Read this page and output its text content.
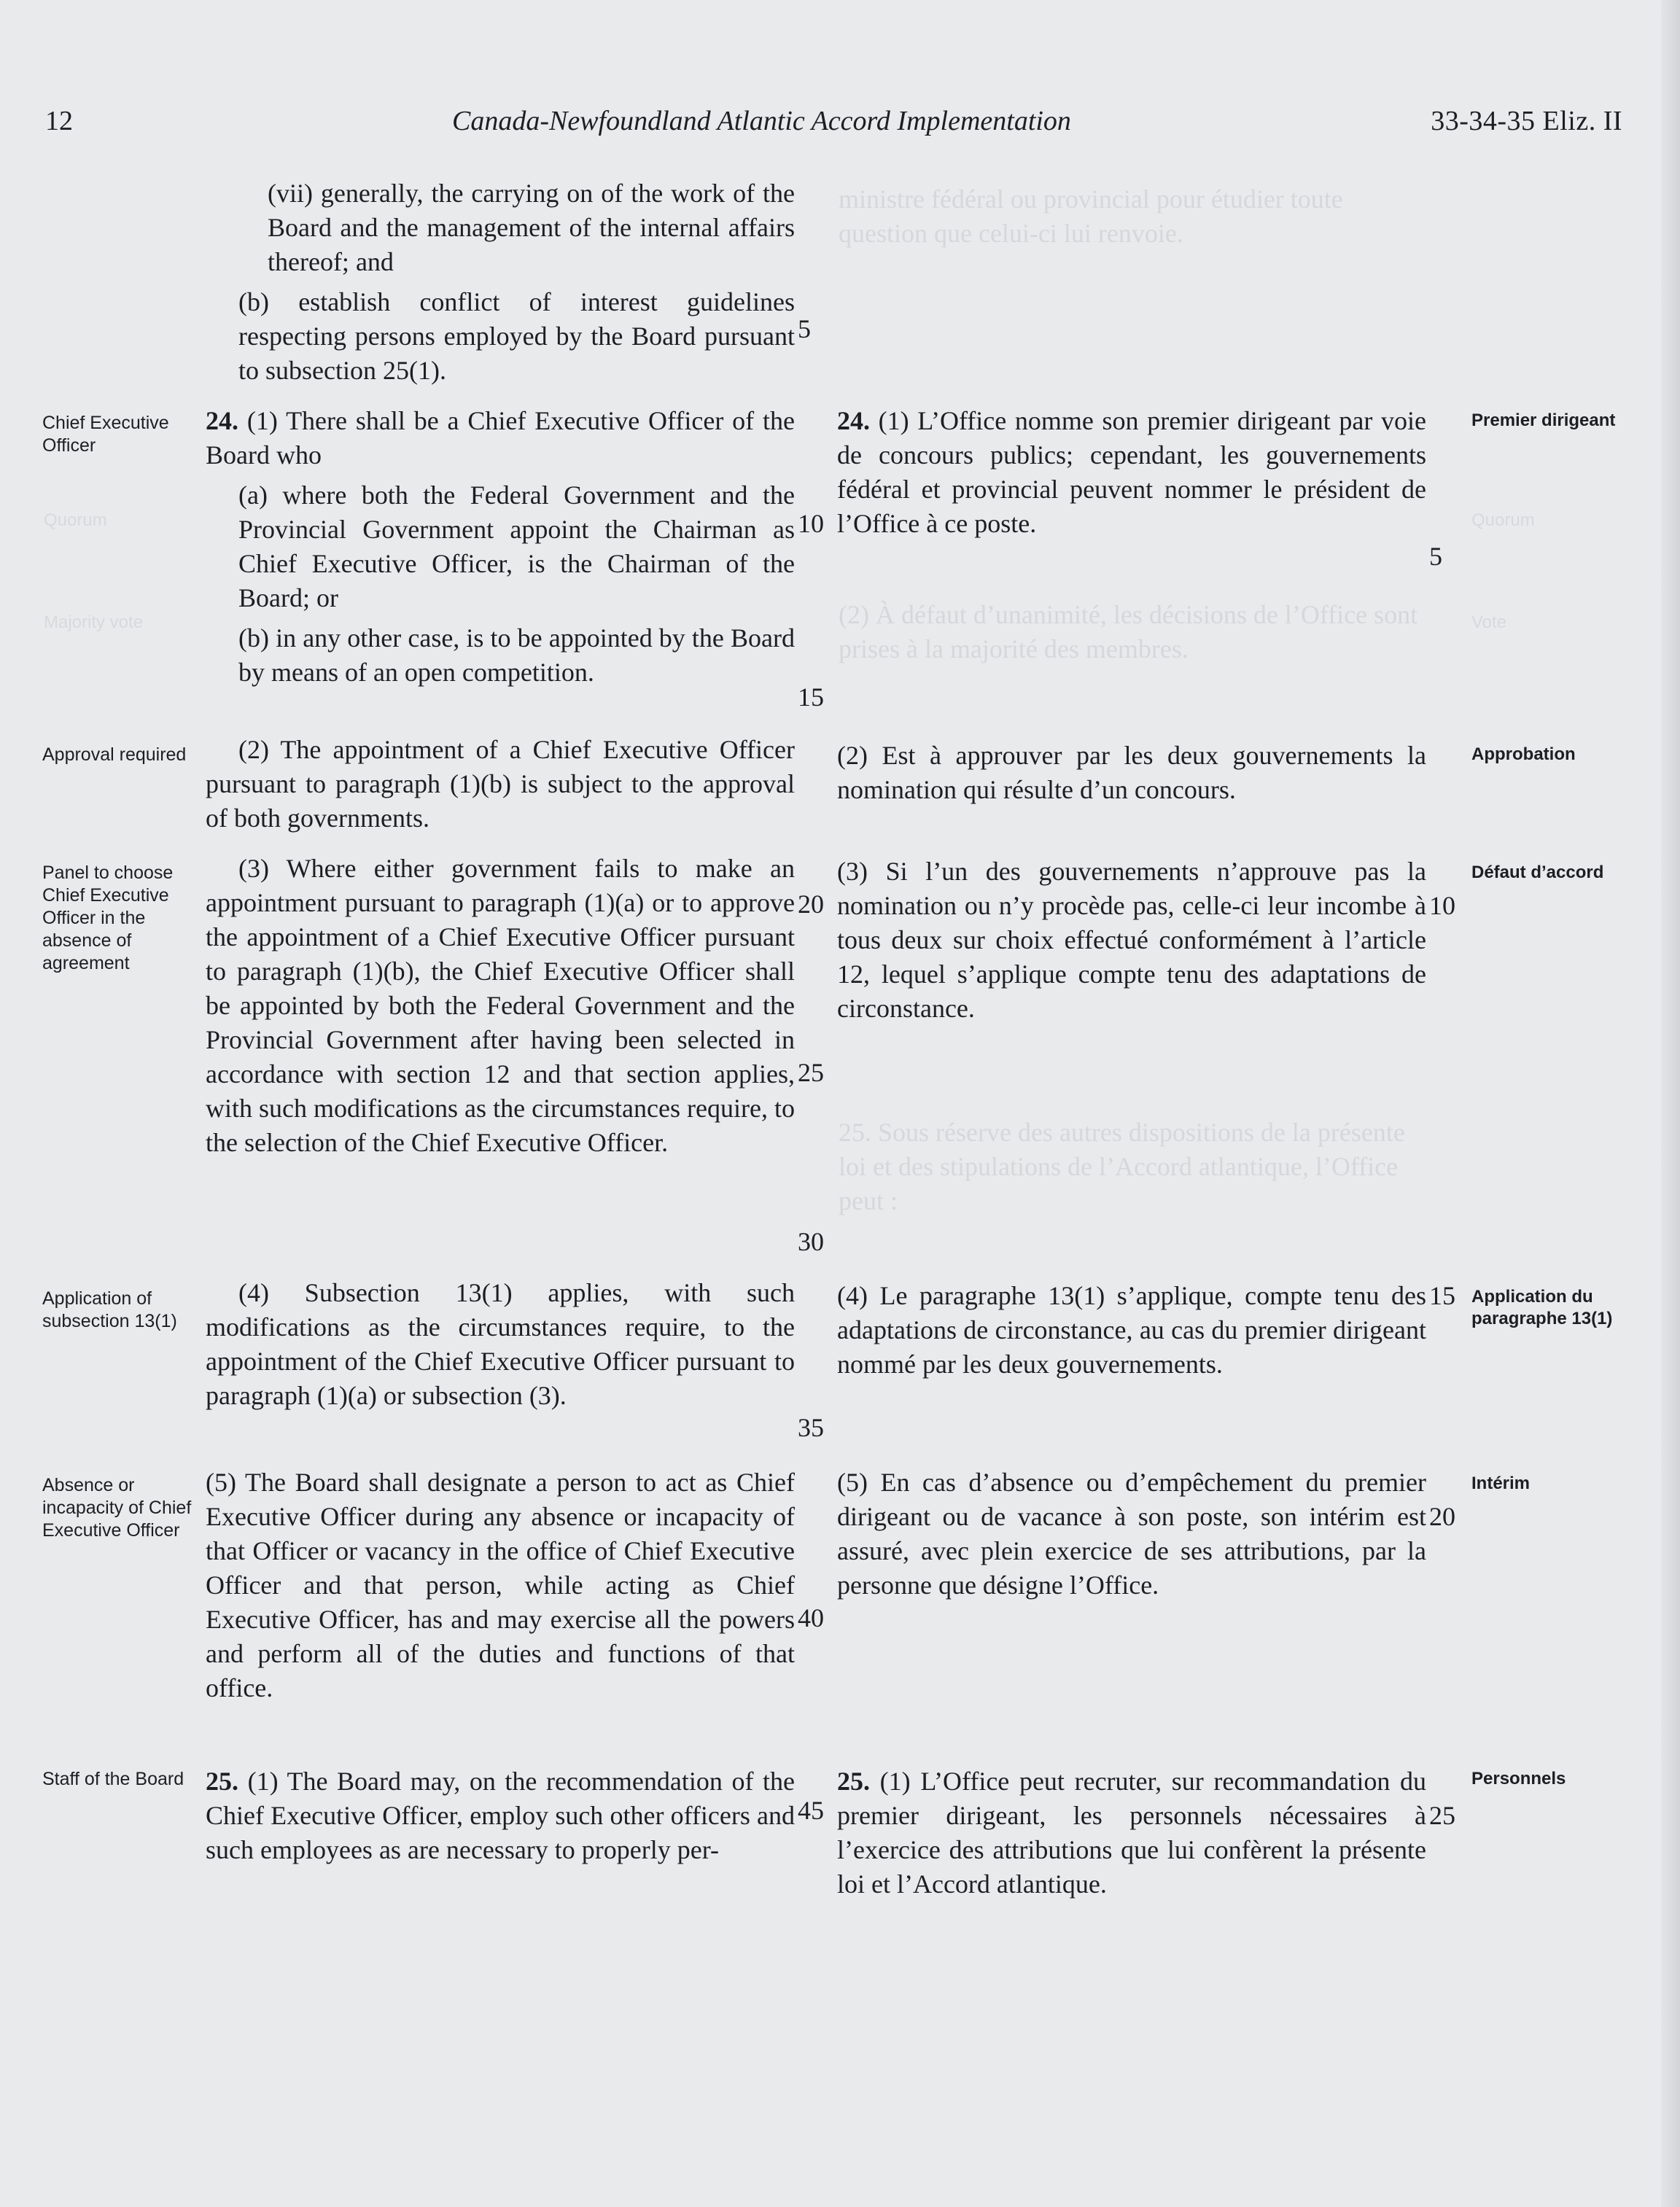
ministre fédéral ou provincial pour étudier toute question que celui-ci lui renvoie.
(2) À défaut d’unanimité, les décisions de l’Office sont prises à la majorité des membres.
25. Sous réserve des autres dispositions de la présente loi et des stipulations de l’Accord atlantique, l’Office peut :
Quorum
Majority vote
Quorum
Vote
12	Canada-Newfoundland Atlantic Accord Implementation	33-34-35 Eliz. II

(vii) generally, the carrying on of the work of the Board and the management of the internal affairs thereof; and

(b) establish conflict of interest guidelines respecting persons employed by the Board pursuant to subsection 25(1).

24. (1) There shall be a Chief Executive Officer of the Board who

(a) where both the Federal Government and the Provincial Government appoint the Chairman as Chief Executive Officer, is the Chairman of the Board; or

(b) in any other case, is to be appointed by the Board by means of an open competition.

(2) The appointment of a Chief Executive Officer pursuant to paragraph (1)(b) is subject to the approval of both governments.

(3) Where either government fails to make an appointment pursuant to paragraph (1)(a) or to approve the appointment of a Chief Executive Officer pursuant to paragraph (1)(b), the Chief Executive Officer shall be appointed by both the Federal Government and the Provincial Government after having been selected in accordance with section 12 and that section applies, with such modifications as the circumstances require, to the selection of the Chief Executive Officer.

(4) Subsection 13(1) applies, with such modifications as the circumstances require, to the appointment of the Chief Executive Officer pursuant to paragraph (1)(a) or subsection (3).

(5) The Board shall designate a person to act as Chief Executive Officer during any absence or incapacity of that Officer or vacancy in the office of Chief Executive Officer and that person, while acting as Chief Executive Officer, has and may exercise all the powers and perform all of the duties and functions of that office.

25. (1) The Board may, on the recommendation of the Chief Executive Officer, employ such other officers and such employees as are necessary to properly per-

24. (1) L’Office nomme son premier dirigeant par voie de concours publics; cependant, les gouvernements fédéral et provincial peuvent nommer le président de l’Office à ce poste.

(2) Est à approuver par les deux gouvernements la nomination qui résulte d’un concours.

(3) Si l’un des gouvernements n’approuve pas la nomination ou n’y procède pas, celle-ci leur incombe à tous deux sur choix effectué conformément à l’article 12, lequel s’applique compte tenu des adaptations de circonstance.

(4) Le paragraphe 13(1) s’applique, compte tenu des adaptations de circonstance, au cas du premier dirigeant nommé par les deux gouvernements.

(5) En cas d’absence ou d’empêchement du premier dirigeant ou de vacance à son poste, son intérim est assuré, avec plein exercice de ses attributions, par la personne que désigne l’Office.

25. (1) L’Office peut recruter, sur recommandation du premier dirigeant, les personnels nécessaires à l’exercice des attributions que lui confèrent la présente loi et l’Accord atlantique.

5
10
15
20
25
30
35
40
45
5
10
15
20
25
Chief Executive Officer
Approval required
Panel to choose Chief Executive Officer in the absence of agreement
Application of subsection 13(1)
Absence or incapacity of Chief Executive Officer
Staff of the Board
Premier dirigeant
Approbation
Défaut d’accord
Application du paragraphe 13(1)
Intérim
Personnels
